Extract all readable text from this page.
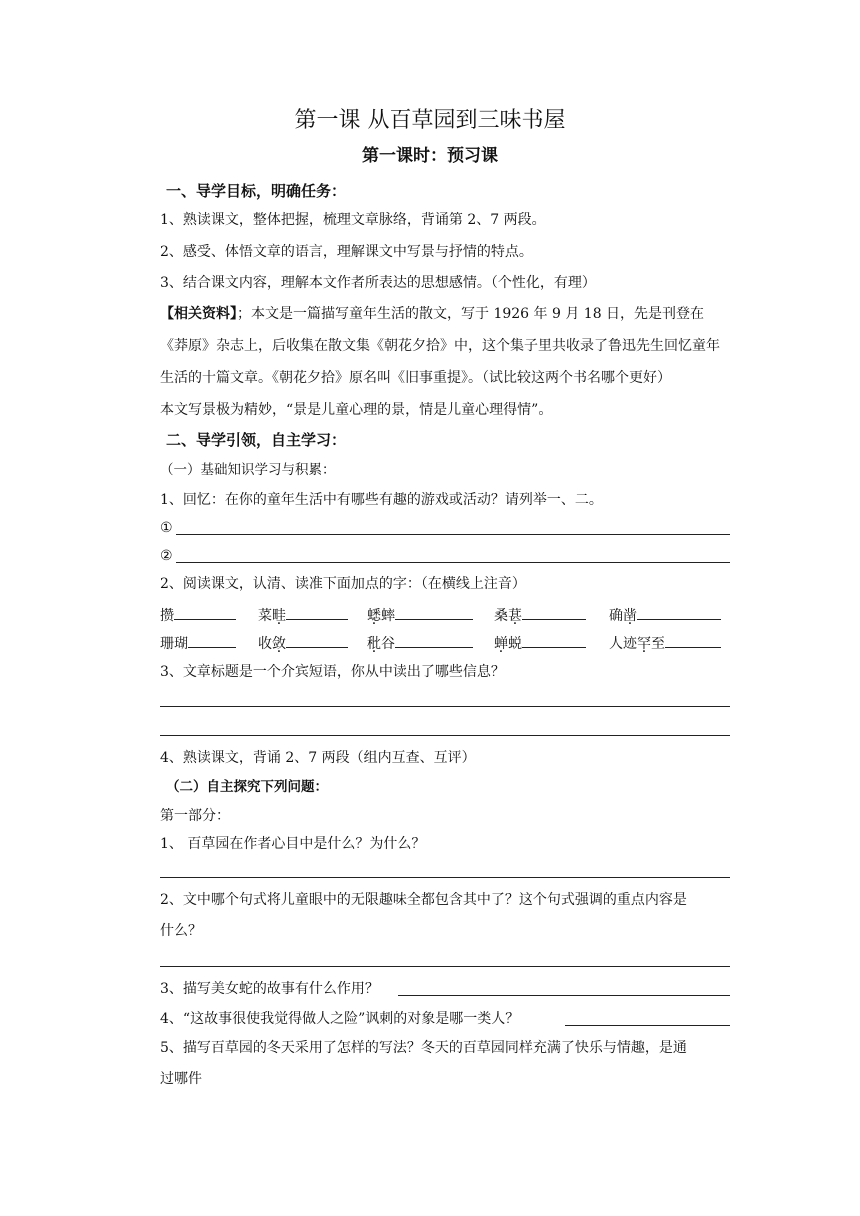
第一课 从百草园到三味书屋
第一课时：预习课
一、导学目标，明确任务：
1、熟读课文，整体把握，梳理文章脉络，背诵第 2、7 两段。
2、感受、体悟文章的语言，理解课文中写景与抒情的特点。
3、结合课文内容，理解本文作者所表达的思想感情。（个性化，有理）
【相关资料】；本文是一篇描写童年生活的散文，写于 1926 年 9 月 18 日，先是刊登在
《莽原》杂志上，后收集在散文集《朝花夕拾》中，这个集子里共收录了鲁迅先生回忆童年
生活的十篇文章。《朝花夕拾》原名叫《旧事重提》。（试比较这两个书名哪个更好）
本文写景极为精妙，“景是儿童心理的景，情是儿童心理得情”。
二、导学引领，自主学习：
（一）基础知识学习与积累：
1、回忆：在你的童年生活中有哪些有趣的游戏或活动？请列举一、二。
①
②
2、阅读课文，认清、读准下面加点的字：（在横线上注音）
攒	菜畦	蟋蟀	桑葚	确凿
珊瑚	收敛	秕谷	蝉蜕	人迹罕至
3、文章标题是一个介宾短语，你从中读出了哪些信息？
4、熟读课文，背诵 2、7 两段（组内互查、互评）
（二）自主探究下列问题：
第一部分：
1、 百草园在作者心目中是什么？为什么？
2、文中哪个句式将儿童眼中的无限趣味全都包含其中了？这个句式强调的重点内容是
什么？
3、描写美女蛇的故事有什么作用？
4、“这故事很使我觉得做人之险”讽刺的对象是哪一类人？
5、描写百草园的冬天采用了怎样的写法？冬天的百草园同样充满了快乐与情趣，是通
过哪件
